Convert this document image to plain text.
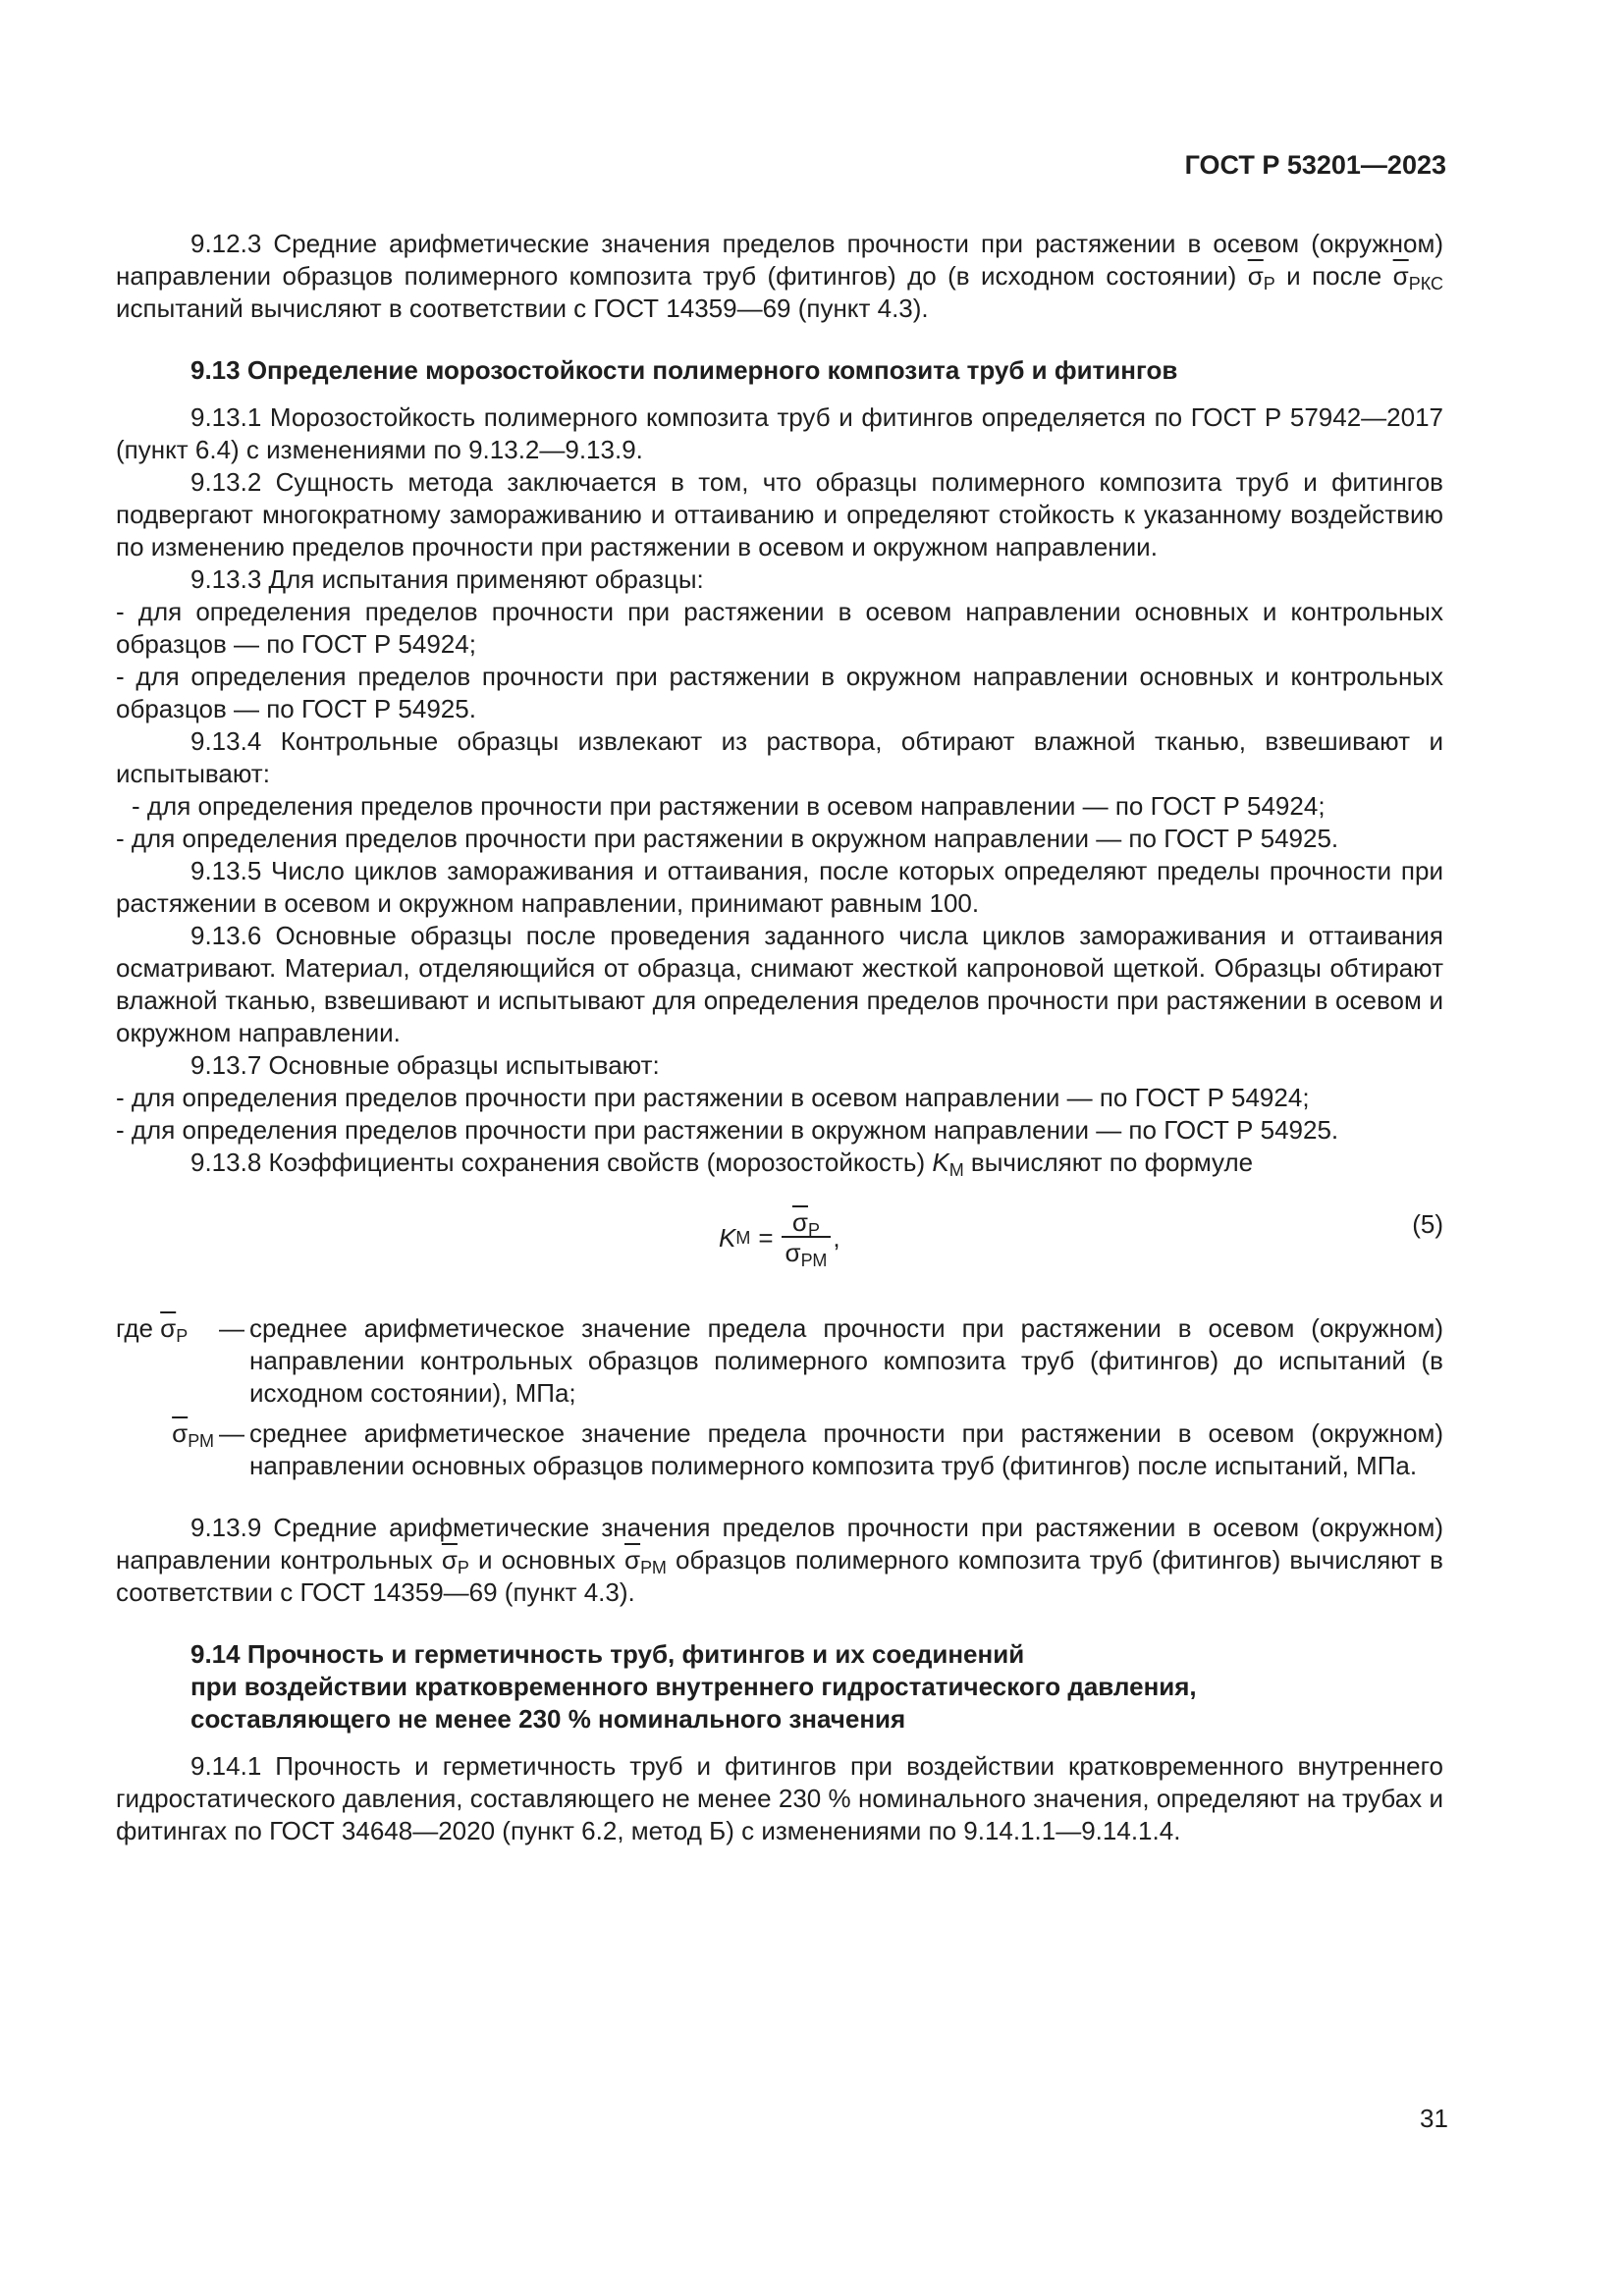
ГОСТ Р 53201—2023

9.12.3 Средние арифметические значения пределов прочности при растяжении в осевом (окружном) направлении образцов полимерного композита труб (фитингов) до (в исходном состоянии) $\overline{\sigma}_Р$ и после $\overline{\sigma}_{РКС}$ испытаний вычисляют в соответствии с ГОСТ 14359—69 (пункт 4.3).

9.13 Определение морозостойкости полимерного композита труб и фитингов

9.13.1 Морозостойкость полимерного композита труб и фитингов определяется по ГОСТ Р 57942—2017 (пункт 6.4) с изменениями по 9.13.2—9.13.9.

9.13.2 Сущность метода заключается в том, что образцы полимерного композита труб и фитингов подвергают многократному замораживанию и оттаиванию и определяют стойкость к указанному воздействию по изменению пределов прочности при растяжении в осевом и окружном направлении.

9.13.3 Для испытания применяют образцы:

- для определения пределов прочности при растяжении в осевом направлении основных и контрольных образцов — по ГОСТ Р 54924;

- для определения пределов прочности при растяжении в окружном направлении основных и контрольных образцов — по ГОСТ Р 54925.

9.13.4 Контрольные образцы извлекают из раствора, обтирают влажной тканью, взвешивают и испытывают:

- для определения пределов прочности при растяжении в осевом направлении — по ГОСТ Р 54924;

- для определения пределов прочности при растяжении в окружном направлении — по ГОСТ Р 54925.

9.13.5 Число циклов замораживания и оттаивания, после которых определяют пределы прочности при растяжении в осевом и окружном направлении, принимают равным 100.

9.13.6 Основные образцы после проведения заданного числа циклов замораживания и оттаивания осматривают. Материал, отделяющийся от образца, снимают жесткой капроновой щеткой. Образцы обтирают влажной тканью, взвешивают и испытывают для определения пределов прочности при растяжении в осевом и окружном направлении.

9.13.7 Основные образцы испытывают:

- для определения пределов прочности при растяжении в осевом направлении — по ГОСТ Р 54924;

- для определения пределов прочности при растяжении в окружном направлении — по ГОСТ Р 54925.

9.13.8 Коэффициенты сохранения свойств (морозостойкость) $K_М$ вычисляют по формуле

K $М = \frac{\overline{\sigma}_Р}{\overline{\sigma}_{РМ}}$ ,	(5)
где $\overline{\sigma}_Р$	— среднее арифметическое значение предела прочности при растяжении в осевом (окружном) направлении контрольных образцов полимерного композита труб (фитингов) до испытаний (в исходном состоянии), МПа;
$\overline{\sigma}_{РМ}$ — среднее арифметическое значение предела прочности при растяжении в осевом (окружном) направлении основных образцов полимерного композита труб (фитингов) после испытаний, МПа.

9.13.9 Средние арифметические значения пределов прочности при растяжении в осевом (окружном) направлении контрольных $\overline{\sigma}_Р$ и основных $\overline{\sigma}_{РМ}$ образцов полимерного композита труб (фитингов) вычисляют в соответствии с ГОСТ 14359—69 (пункт 4.3).

9.14 Прочность и герметичность труб, фитингов и их соединений
при воздействии кратковременного внутреннего гидростатического давления,
составляющего не менее 230 % номинального значения

9.14.1 Прочность и герметичность труб и фитингов при воздействии кратковременного внутреннего гидростатического давления, составляющего не менее 230 % номинального значения, определяют на трубах и фитингах по ГОСТ 34648—2020 (пункт 6.2, метод Б) с изменениями по 9.14.1.1—9.14.1.4.

31
